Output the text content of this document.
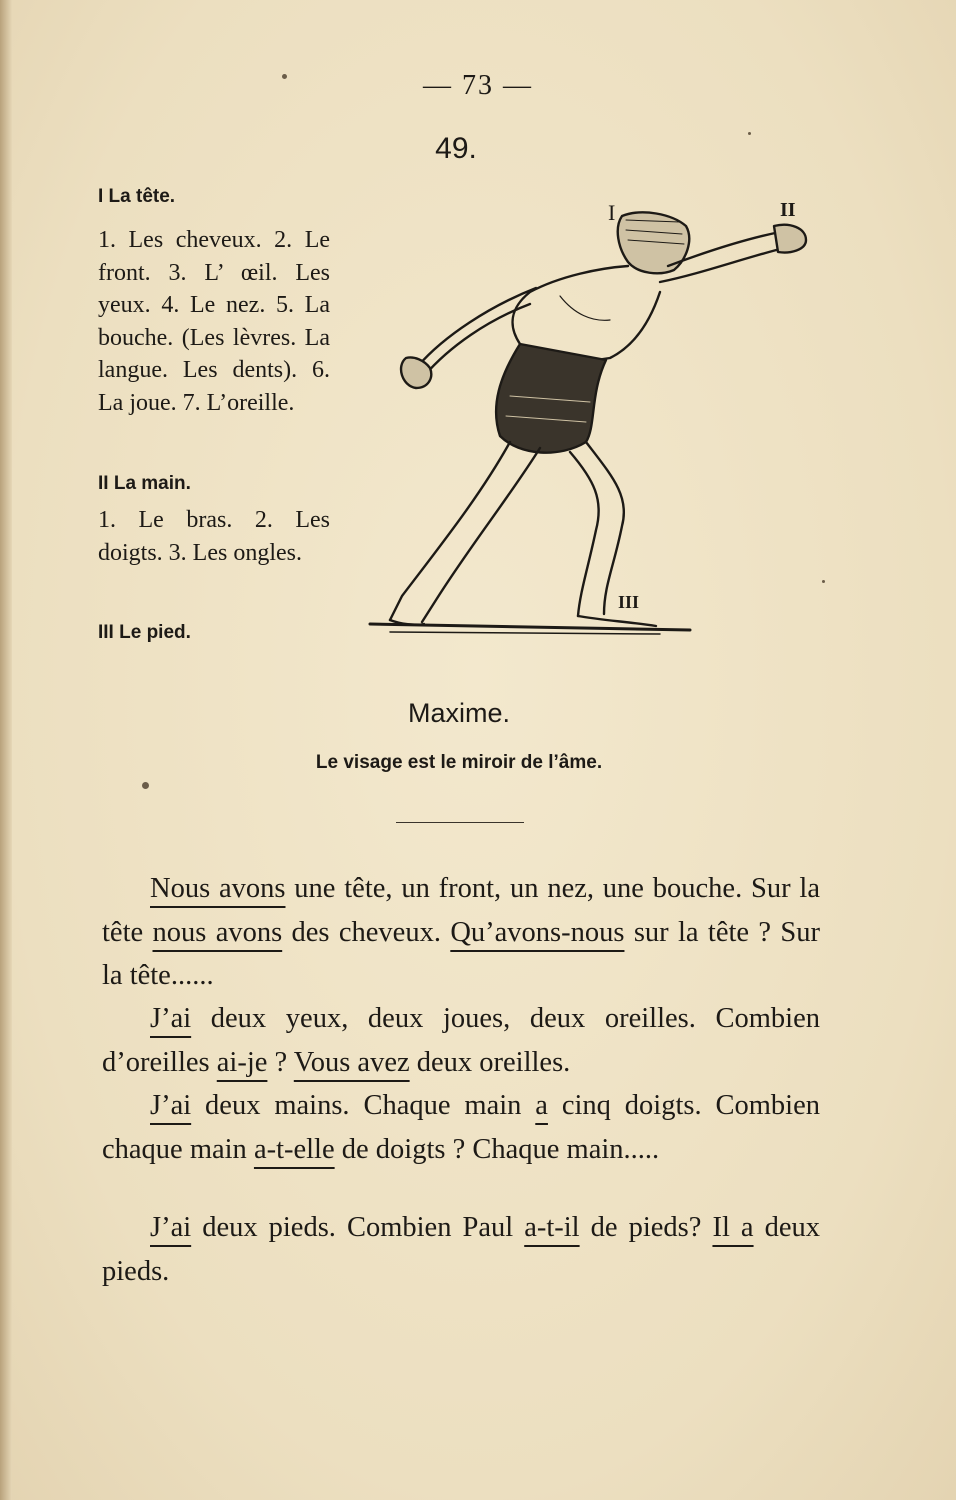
— 73 —
49.

I La tête.

1. Les cheveux. 2. Le front. 3. L’ œil. Les yeux. 4. Le nez. 5. La bouche. (Les lèvres. La langue. Les dents). 6. La joue. 7. L’oreille.

II La main.

1. Le bras. 2. Les doigts. 3. Les ongles.

III Le pied.

I	II
III
Maxime.
Le visage est le miroir de l’âme.

Nous avons une tête, un front, un nez, une bouche. Sur la tête nous avons des cheveux. Qu’avons-nous sur la tête ? Sur la tête......

J’ai deux yeux, deux joues, deux oreilles. Combien d’oreilles ai-je ? Vous avez deux oreilles.

J’ai deux mains. Chaque main a cinq doigts. Combien chaque main a-t-elle de doigts ? Chaque main.....

J’ai deux pieds. Combien Paul a-t-il de pieds? Il a deux pieds.
